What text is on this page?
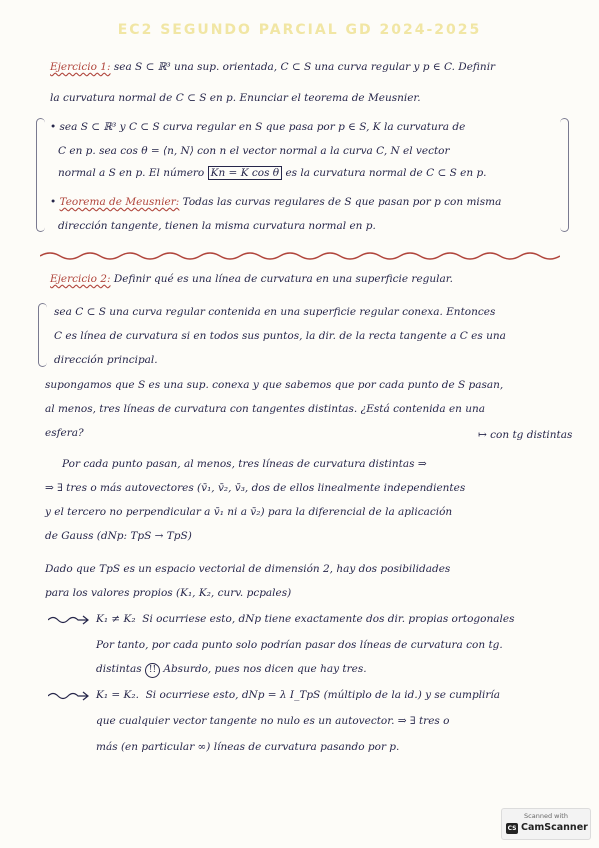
EC2 SEGUNDO PARCIAL GD 2024-2025
Ejercicio 1: sea S ⊂ ℝ³ una sup. orientada, C ⊂ S una curva regular y p ∈ C. Definir
la curvatura normal de C ⊂ S en p. Enunciar el teorema de Meusnier.
• sea S ⊂ ℝ³ y C ⊂ S curva regular en S que pasa por p ∈ S, K la curvatura de
C en p. sea cos θ = ⟨n, N⟩ con n el vector normal a la curva C, N el vector
normal a S en p. El número Kn = K cos θ es la curvatura normal de C ⊂ S en p.
• Teorema de Meusnier: Todas las curvas regulares de S que pasan por p con misma
dirección tangente, tienen la misma curvatura normal en p.
Ejercicio 2: Definir qué es una línea de curvatura en una superficie regular.
sea C ⊂ S una curva regular contenida en una superficie regular conexa. Entonces
C es línea de curvatura si en todos sus puntos, la dir. de la recta tangente a C es una
dirección principal.
supongamos que S es una sup. conexa y que sabemos que por cada punto de S pasan,
al menos, tres líneas de curvatura con tangentes distintas. ¿Está contenida en una
esfera?	↦ con tg distintas
Por cada punto pasan, al menos, tres líneas de curvatura distintas ⇒
⇒ ∃ tres o más autovectores (v̄₁, v̄₂, v̄₃, dos de ellos linealmente independientes
y el tercero no perpendicular a v̄₁ ni a v̄₂) para la diferencial de la aplicación
de Gauss (dNp: TpS → TpS)
Dado que TpS es un espacio vectorial de dimensión 2, hay dos posibilidades
para los valores propios (K₁, K₂, curv. pcpales)
K₁ ≠ K₂ Si ocurriese esto, dNp tiene exactamente dos dir. propias ortogonales
Por tanto, por cada punto solo podrían pasar dos líneas de curvatura con tg.
distintas !! Absurdo, pues nos dicen que hay tres.
K₁ = K₂. Si ocurriese esto, dNp = λ I_TpS (múltiplo de la id.) y se cumpliría
que cualquier vector tangente no nulo es un autovector. ⇒ ∃ tres o
más (en particular ∞) líneas de curvatura pasando por p.
Scanned with
CS CamScanner
